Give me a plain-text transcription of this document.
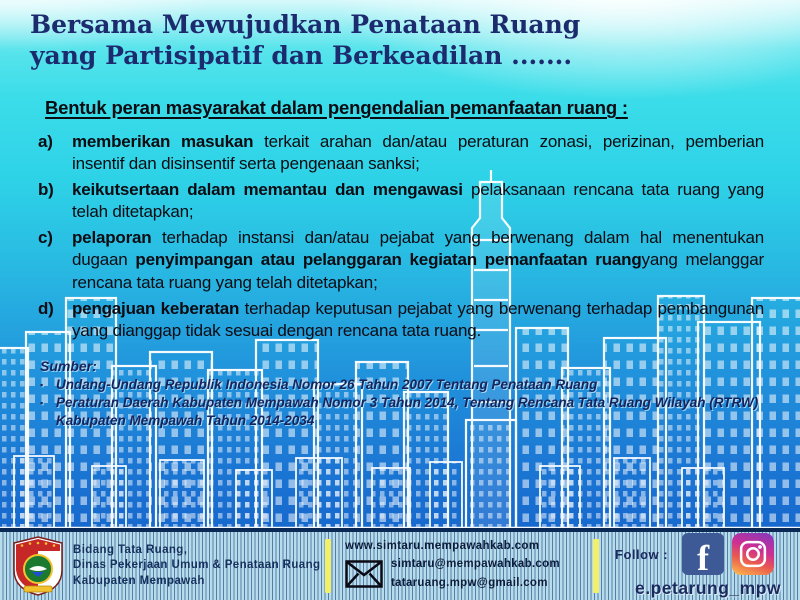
Bersama Mewujudkan Penataan Ruang
yang Partisipatif dan Berkeadilan .......
Bentuk peran masyarakat dalam pengendalian pemanfaatan ruang :
a)	memberikan masukan terkait arahan dan/atau peraturan zonasi, perizinan, pemberian insentif dan disinsentif serta pengenaan sanksi;
b)	keikutsertaan dalam memantau dan mengawasi pelaksanaan rencana tata ruang yang telah ditetapkan;
c)	pelaporan terhadap instansi dan/atau pejabat yang berwenang dalam hal menentukan dugaan penyimpangan atau pelanggaran kegiatan pemanfaatan ruangyang melanggar rencana tata ruang yang telah ditetapkan;
d)	pengajuan keberatan terhadap keputusan pejabat yang berwenang terhadap pembangunan yang dianggap tidak sesuai dengan rencana tata ruang.
Sumber:
▪ Undang-Undang Republik Indonesia Nomor 26 Tahun 2007 Tentang Penataan Ruang
▪ Peraturan Daerah Kabupaten Mempawah Nomor 3 Tahun 2014, Tentang Rencana Tata Ruang Wilayah (RTRW) Kabupaten Mempawah Tahun 2014-2034
Bidang Tata Ruang,
Dinas Pekerjaan Umum & Penataan Ruang
Kabupaten Mempawah
www.simtaru.mempawahkab.com
simtaru@mempawahkab.com
tataruang.mpw@gmail.com
Follow : f
e.petarung_mpw
